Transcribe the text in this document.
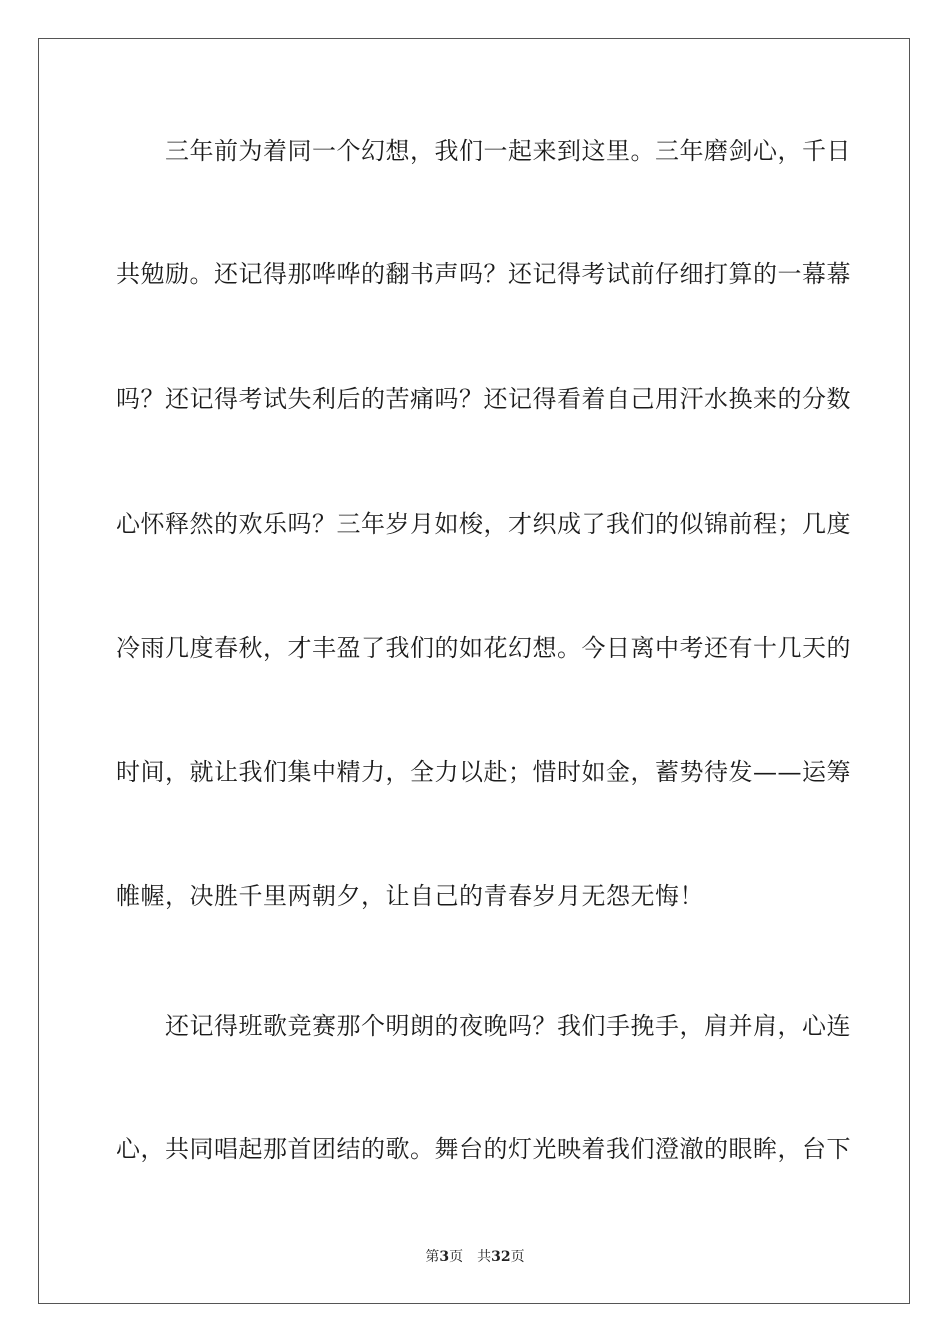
　　三年前为着同一个幻想，我们一起来到这里。三年磨剑心，千日
共勉励。还记得那哗哗的翻书声吗？还记得考试前仔细打算的一幕幕
吗？还记得考试失利后的苦痛吗？还记得看着自己用汗水换来的分数
心怀释然的欢乐吗？三年岁月如梭，才织成了我们的似锦前程；几度
冷雨几度春秋，才丰盈了我们的如花幻想。今日离中考还有十几天的
时间，就让我们集中精力，全力以赴；惜时如金，蓄势待发——运筹
帷幄，决胜千里两朝夕，让自己的青春岁月无怨无悔！
　　还记得班歌竞赛那个明朗的夜晚吗？我们手挽手，肩并肩，心连
心，共同唱起那首团结的歌。舞台的灯光映着我们澄澈的眼眸，台下
第3页 共32页
